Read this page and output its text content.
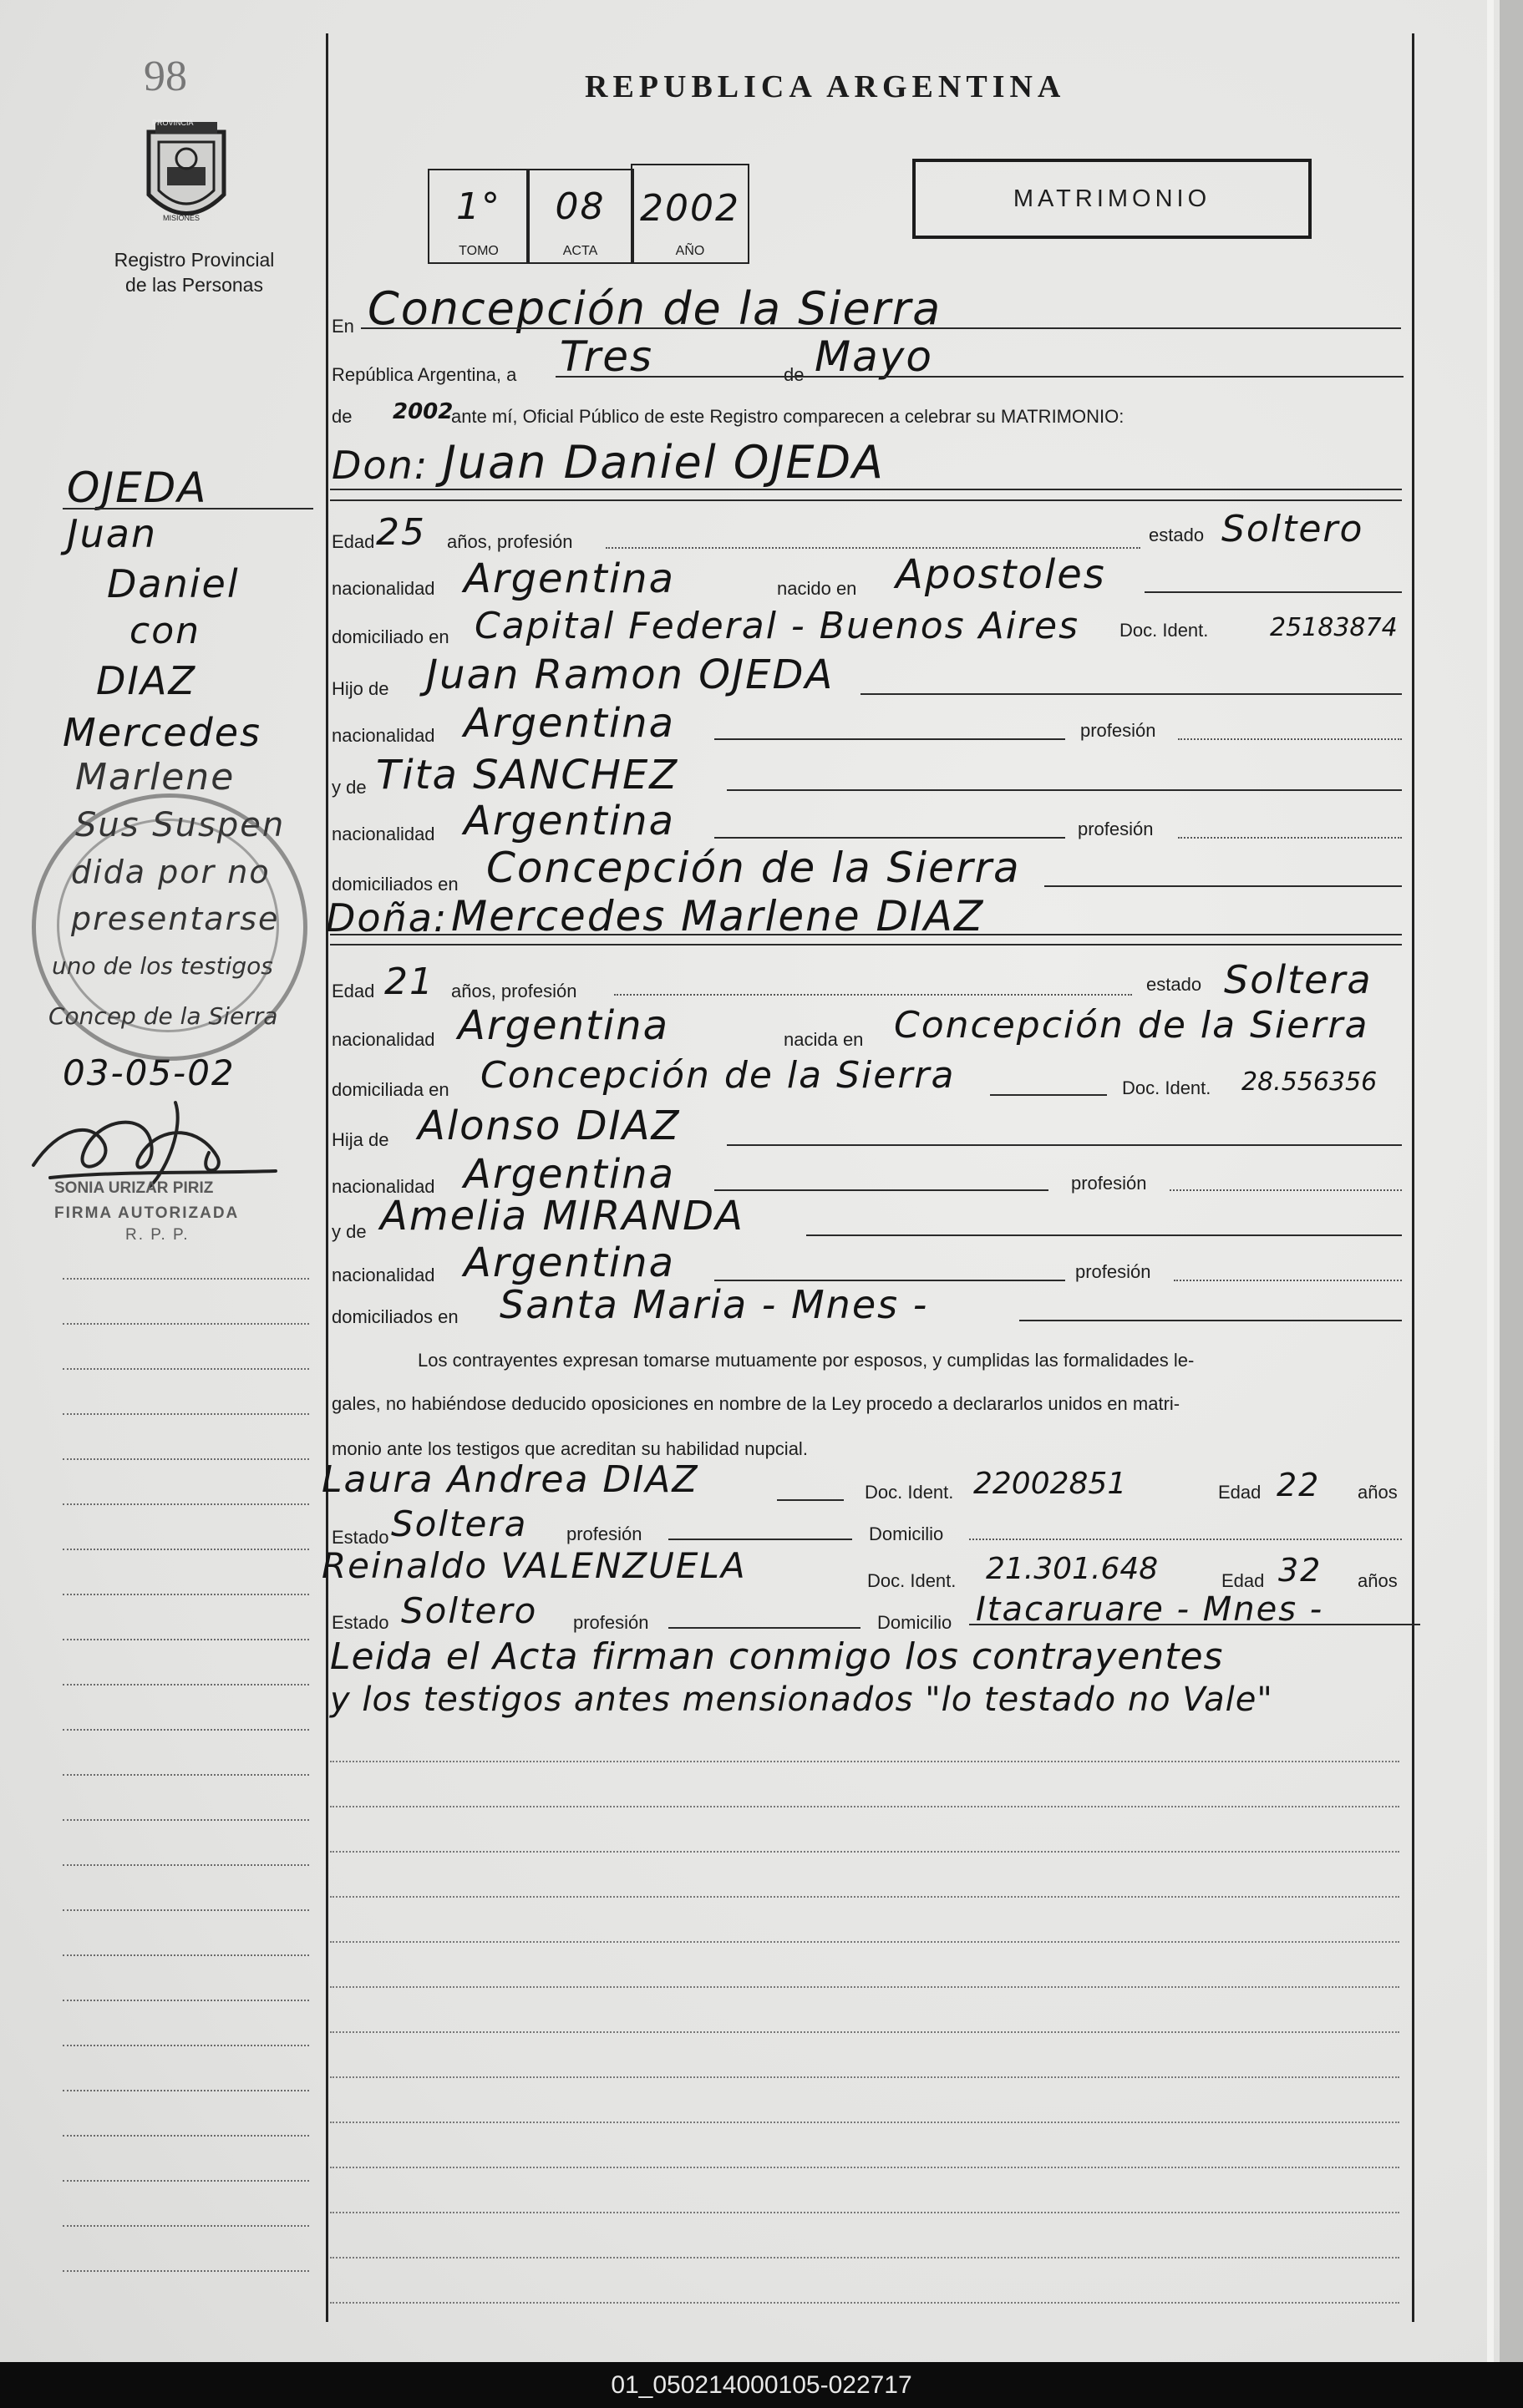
98
PROVINCIA
MISIONES
Registro Provincial
de las Personas
REPUBLICA ARGENTINA
MATRIMONIO
1°
TOMO
08
ACTA
2002
AÑO
En Concepción de la Sierra
República Argentina, a Tres	de Mayo
de 2002
ante mí, Oficial Público de este Registro comparecen a celebrar su MATRIMONIO:
Don: Juan Daniel OJEDA
Edad 25 años, profesión	estado Soltero
nacionalidad Argentina	nacido en Apostoles
domiciliado en Capital Federal - Buenos Aires Doc. Ident. 25183874
Hijo de Juan Ramon OJEDA
nacionalidad Argentina	profesión
y de Tita SANCHEZ
nacionalidad Argentina	profesión
domiciliados en Concepción de la Sierra
Doña: Mercedes Marlene DIAZ
Edad 21 años, profesión	estado Soltera
nacionalidad Argentina	nacida en Concepción de la Sierra
domiciliada en Concepción de la Sierra	Doc. Ident. 28.556356
Hija de Alonso DIAZ
nacionalidad Argentina	profesión
y de Amelia MIRANDA
nacionalidad Argentina	profesión
domiciliados en Santa Maria - Mnes -
Los contrayentes expresan tomarse mutuamente por esposos, y cumplidas las formalidades le-
gales, no habiéndose deducido oposiciones en nombre de la Ley procedo a declararlos unidos en matri-
monio ante los testigos que acreditan su habilidad nupcial.
Laura Andrea DIAZ	Doc. Ident. 22002851	Edad 22 años
Estado Soltera profesión	Domicilio
Reinaldo VALENZUELA	Doc. Ident. 21.301.648	Edad 32 años
Estado Soltero profesión	Domicilio Itacaruare - Mnes -
Leida el Acta firman conmigo los contrayentes
y los testigos antes mensionados "lo testado no Vale"
OJEDA
Juan
Daniel
con
DIAZ
Mercedes
Marlene
Sus Suspen
dida por no
presentarse
uno de los testigos
Concep de la Sierra
03-05-02
SONIA URIZAR PIRIZ
FIRMA AUTORIZADA
R. P. P.
01_050214000105-022717
